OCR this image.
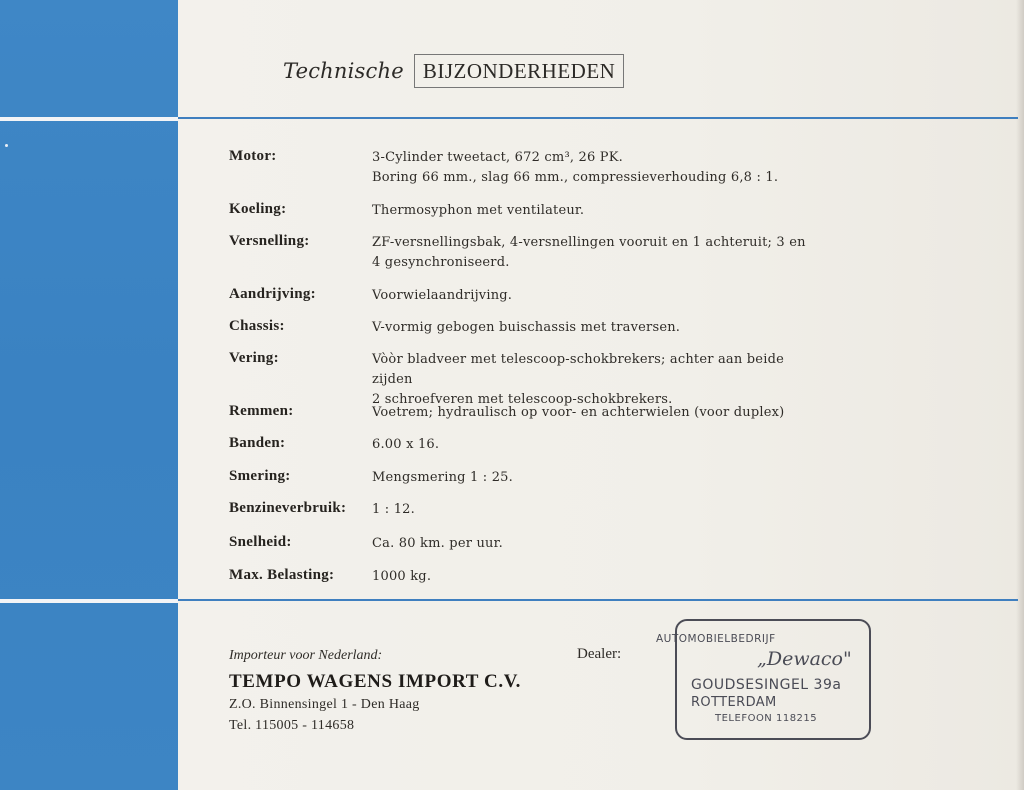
Technische BIJZONDERHEDEN
Motor:	3-Cylinder tweetact, 672 cm³, 26 PK.
Boring 66 mm., slag 66 mm., compressieverhouding 6,8 : 1.
Koeling:	Thermosyphon met ventilateur.
Versnelling:	ZF-versnellingsbak, 4-versnellingen vooruit en 1 achteruit; 3 en
4 gesynchroniseerd.
Aandrijving:	Voorwielaandrijving.
Chassis:	V-vormig gebogen buischassis met traversen.
Vering:	Vòòr bladveer met telescoop-schokbrekers; achter aan beide zijden
2 schroefveren met telescoop-schokbrekers.
Remmen:	Voetrem; hydraulisch op voor- en achterwielen (voor duplex)
Banden:	6.00 x 16.
Smering:	Mengsmering 1 : 25.
Benzineverbruik: 1 : 12.
Snelheid:	Ca. 80 km. per uur.
Max. Belasting:	1000 kg.
Importeur voor Nederland:
TEMPO WAGENS IMPORT C.V.
Z.O. Binnensingel 1 - Den Haag
Tel. 115005 - 114658
Dealer:
AUTOMOBIELBEDRIJF
„Dewaco"
GOUDSESINGEL 39a
ROTTERDAM
TELEFOON 118215
